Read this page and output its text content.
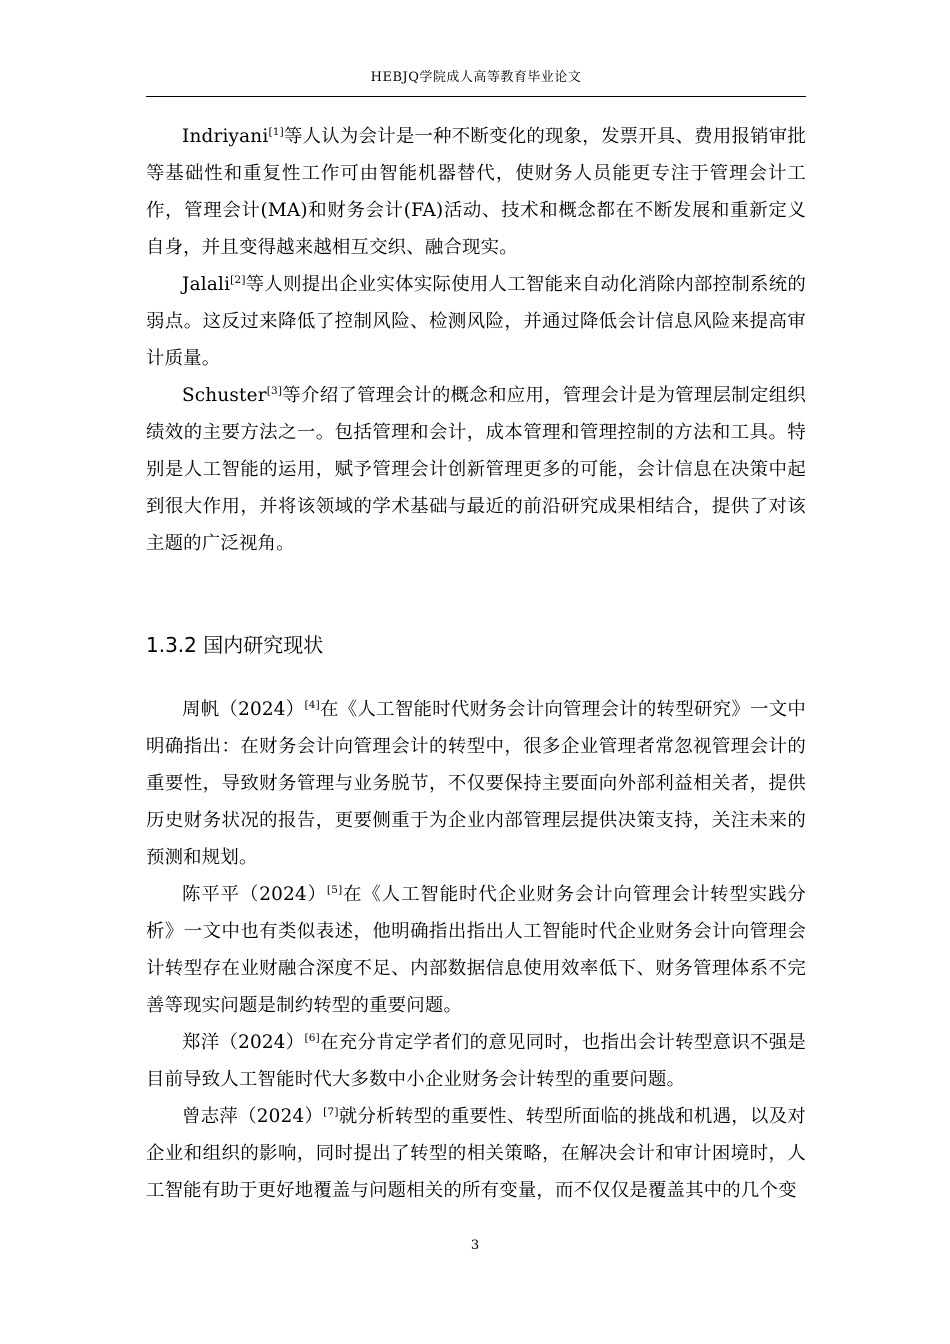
HEBJQ学院成人高等教育毕业论文

Indriyani[1]等人认为会计是一种不断变化的现象，发票开具、费用报销审批等基础性和重复性工作可由智能机器替代，使财务人员能更专注于管理会计工作，管理会计(MA)和财务会计(FA)活动、技术和概念都在不断发展和重新定义自身，并且变得越来越相互交织、融合现实。

Jalali[2]等人则提出企业实体实际使用人工智能来自动化消除内部控制系统的弱点。这反过来降低了控制风险、检测风险，并通过降低会计信息风险来提高审计质量。

Schuster[3]等介绍了管理会计的概念和应用，管理会计是为管理层制定组织绩效的主要方法之一。包括管理和会计，成本管理和管理控制的方法和工具。特别是人工智能的运用，赋予管理会计创新管理更多的可能，会计信息在决策中起到很大作用，并将该领域的学术基础与最近的前沿研究成果相结合，提供了对该主题的广泛视角。

1.3.2 国内研究现状

周帆（2024）[4]在《人工智能时代财务会计向管理会计的转型研究》一文中明确指出：在财务会计向管理会计的转型中，很多企业管理者常忽视管理会计的重要性，导致财务管理与业务脱节，不仅要保持主要面向外部利益相关者，提供历史财务状况的报告，更要侧重于为企业内部管理层提供决策支持，关注未来的预测和规划。

陈平平（2024）[5]在《人工智能时代企业财务会计向管理会计转型实践分析》一文中也有类似表述，他明确指出指出人工智能时代企业财务会计向管理会计转型存在业财融合深度不足、内部数据信息使用效率低下、财务管理体系不完善等现实问题是制约转型的重要问题。

郑洋（2024）[6]在充分肯定学者们的意见同时，也指出会计转型意识不强是目前导致人工智能时代大多数中小企业财务会计转型的重要问题。

曾志萍（2024）[7]就分析转型的重要性、转型所面临的挑战和机遇，以及对企业和组织的影响，同时提出了转型的相关策略，在解决会计和审计困境时，人工智能有助于更好地覆盖与问题相关的所有变量，而不仅仅是覆盖其中的几个变

3
